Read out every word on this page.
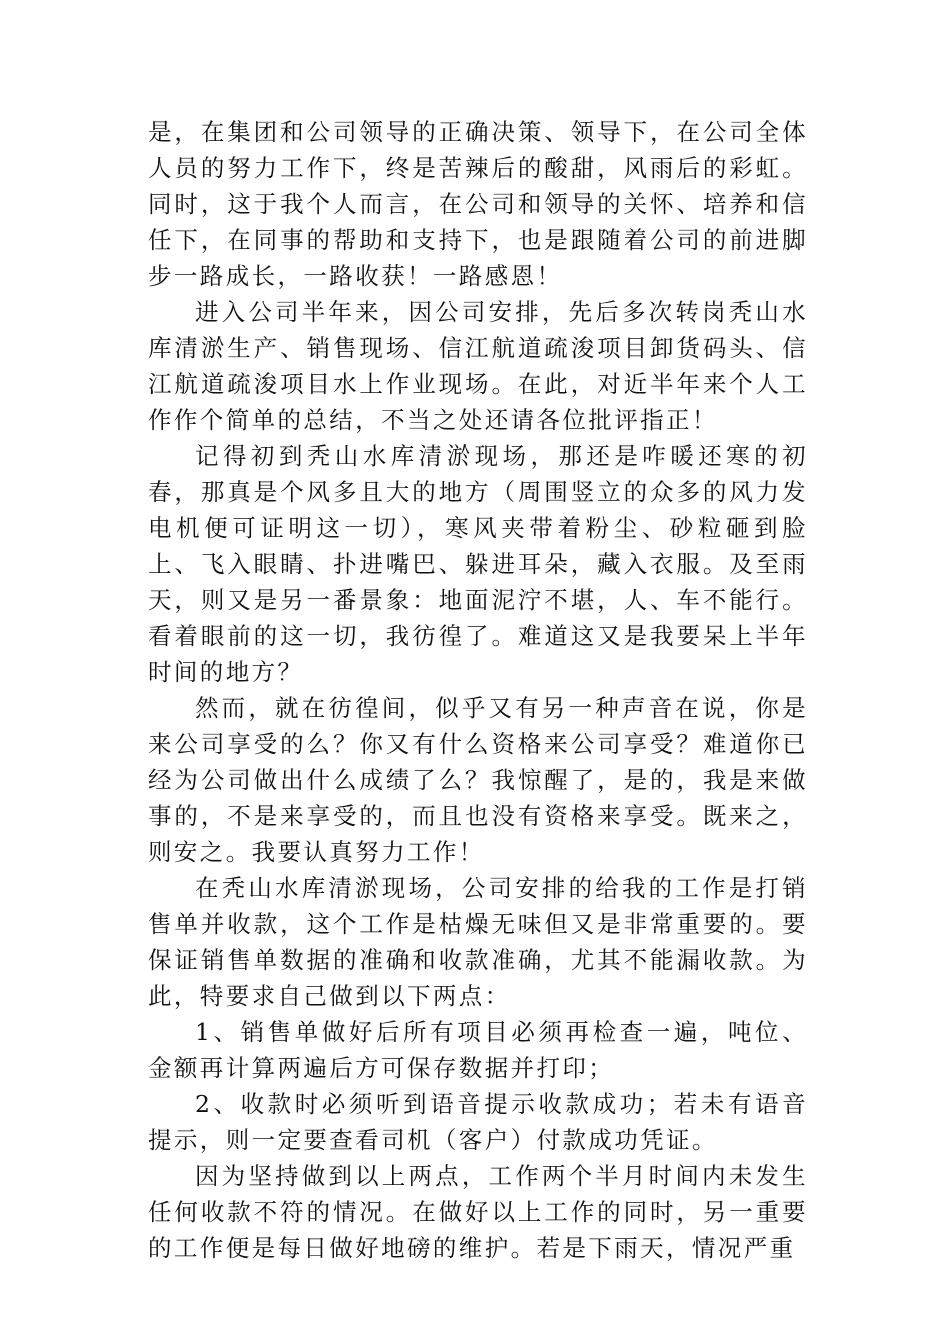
是，在集团和公司领导的正确决策、领导下，在公司全体人员的努力工作下，终是苦辣后的酸甜，风雨后的彩虹。同时，这于我个人而言，在公司和领导的关怀、培养和信任下，在同事的帮助和支持下，也是跟随着公司的前进脚步一路成长，一路收获！一路感恩！

进入公司半年来，因公司安排，先后多次转岗秃山水库清淤生产、销售现场、信江航道疏浚项目卸货码头、信江航道疏浚项目水上作业现场。在此，对近半年来个人工作作个简单的总结，不当之处还请各位批评指正！

记得初到秃山水库清淤现场，那还是咋暖还寒的初春，那真是个风多且大的地方（周围竖立的众多的风力发电机便可证明这一切），寒风夹带着粉尘、砂粒砸到脸上、飞入眼睛、扑进嘴巴、躲进耳朵，藏入衣服。及至雨天，则又是另一番景象：地面泥泞不堪，人、车不能行。看着眼前的这一切，我彷徨了。难道这又是我要呆上半年时间的地方？

然而，就在彷徨间，似乎又有另一种声音在说，你是来公司享受的么？你又有什么资格来公司享受？难道你已经为公司做出什么成绩了么？我惊醒了，是的，我是来做事的，不是来享受的，而且也没有资格来享受。既来之，则安之。我要认真努力工作！

在秃山水库清淤现场，公司安排的给我的工作是打销售单并收款，这个工作是枯燥无味但又是非常重要的。要保证销售单数据的准确和收款准确，尤其不能漏收款。为此，特要求自己做到以下两点：

1、销售单做好后所有项目必须再检查一遍，吨位、金额再计算两遍后方可保存数据并打印；

2、收款时必须听到语音提示收款成功；若未有语音提示，则一定要查看司机（客户）付款成功凭证。

因为坚持做到以上两点，工作两个半月时间内未发生任何收款不符的情况。在做好以上工作的同时，另一重要的工作便是每日做好地磅的维护。若是下雨天，情况严重
